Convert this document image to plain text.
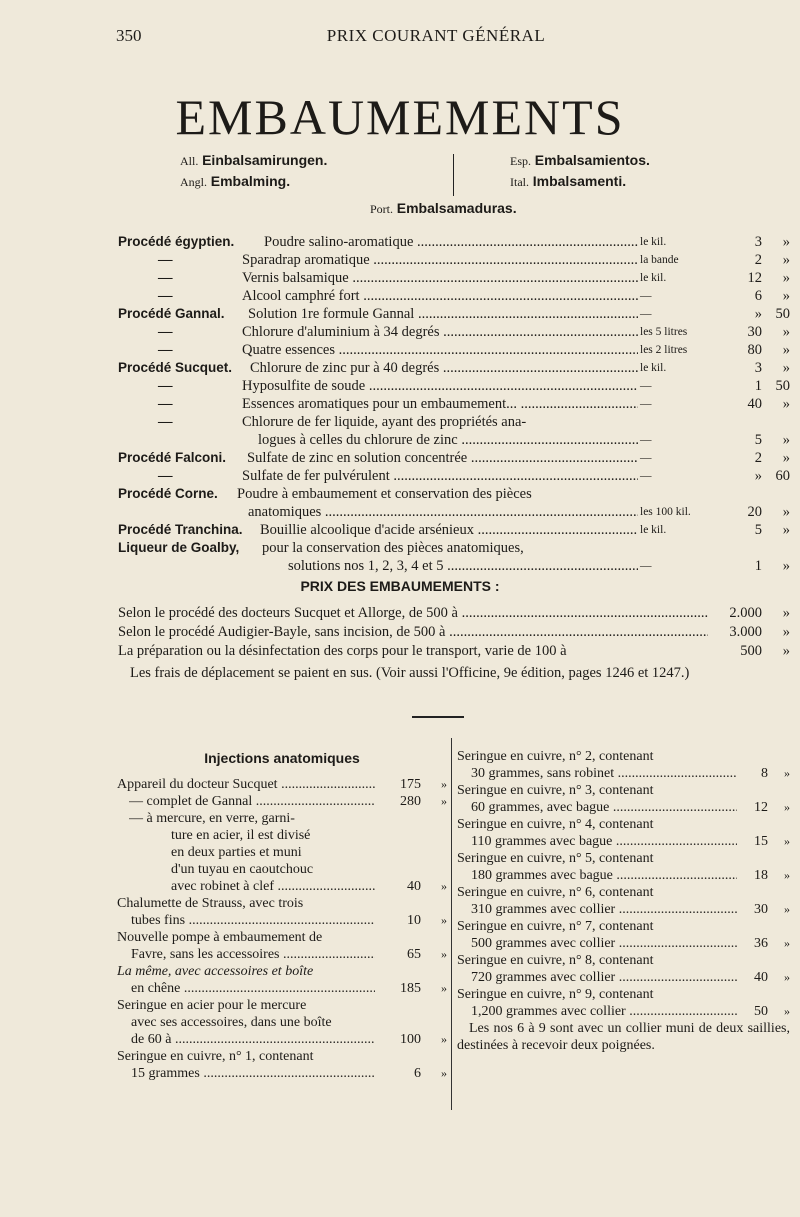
350	PRIX COURANT GÉNÉRAL
EMBAUMEMENTS
All. Einbalsamirungen.
Angl. Embalming.
Esp. Embalsamientos.
Ital. Imbalsamenti.
Port. Embalsamaduras.
Procédé égyptien. Poudre salino-aromatique .....	le kil.	3	»
—	Sparadrap aromatique .....	la bande	2	»
—	Vernis balsamique .....	le kil.	12	»
—	Alcool camphré fort .....	—	6	»
Procédé Gannal. Solution 1re formule Gannal .....	—	» 50
—	Chlorure d'aluminium à 34 degrés .....	les 5 litres	30	»
—	Quatre essences .....	les 2 litres	80	»
Procédé Sucquet. Chlorure de zinc pur à 40 degrés .....	le kil.	3	»
—	Hyposulfite de soude .....	—	1 50
—	Essences aromatiques pour un embaumement... .....	—	40	»
—	Chlorure de fer liquide, ayant des propriétés ana-
logues à celles du chlorure de zinc .....	—	5	»
Procédé Falconi. Sulfate de zinc en solution concentrée .....	—	2	»
—	Sulfate de fer pulvérulent .....	—	» 60
Procédé Corne. Poudre à embaumement et conservation des pièces
anatomiques .....	les 100 kil.	20	»
Procédé Tranchina. Bouillie alcoolique d'acide arsénieux .....	le kil.	5	»
Liqueur de Goalby, pour la conservation des pièces anatomiques,
solutions nos 1, 2, 3, 4 et 5 .....	—	1	»
PRIX DES EMBAUMEMENTS :
Selon le procédé des docteurs Sucquet et Allorge, de 500 à .....	2.000	»
Selon le procédé Audigier-Bayle, sans incision, de 500 à .....	3.000	»
La préparation ou la désinfectation des corps pour le transport, varie de 100 à	500	»
Les frais de déplacement se paient en sus. (Voir aussi l'Officine, 9e édition, pages 1246 et 1247.)
Injections anatomiques
Appareil du docteur Sucquet .....	175	»
— complet de Gannal .....	280	»
— à mercure, en verre, garni-
ture en acier, il est divisé
en deux parties et muni
d'un tuyau en caoutchouc
avec robinet à clef .....	40	»
Chalumette de Strauss, avec trois
tubes fins .....	10	»
Nouvelle pompe à embaumement de
Favre, sans les accessoires .....	65	»
La même, avec accessoires et boîte
en chêne .....	185	»
Seringue en acier pour le mercure
avec ses accessoires, dans une boîte
de 60 à .....	100	»
Seringue en cuivre, n° 1, contenant
15 grammes .....	6	»
Seringue en cuivre, n° 2, contenant
30 grammes, sans robinet .....	8	»
Seringue en cuivre, n° 3, contenant
60 grammes, avec bague .....	12	»
Seringue en cuivre, n° 4, contenant
110 grammes avec bague .....	15	»
Seringue en cuivre, n° 5, contenant
180 grammes avec bague .....	18	»
Seringue en cuivre, n° 6, contenant
310 grammes avec collier .....	30	»
Seringue en cuivre, n° 7, contenant
500 grammes avec collier .....	36	»
Seringue en cuivre, n° 8, contenant
720 grammes avec collier .....	40	»
Seringue en cuivre, n° 9, contenant
1,200 grammes avec collier .....	50	»
Les nos 6 à 9 sont avec un collier muni de deux saillies, destinées à recevoir deux poignées.
